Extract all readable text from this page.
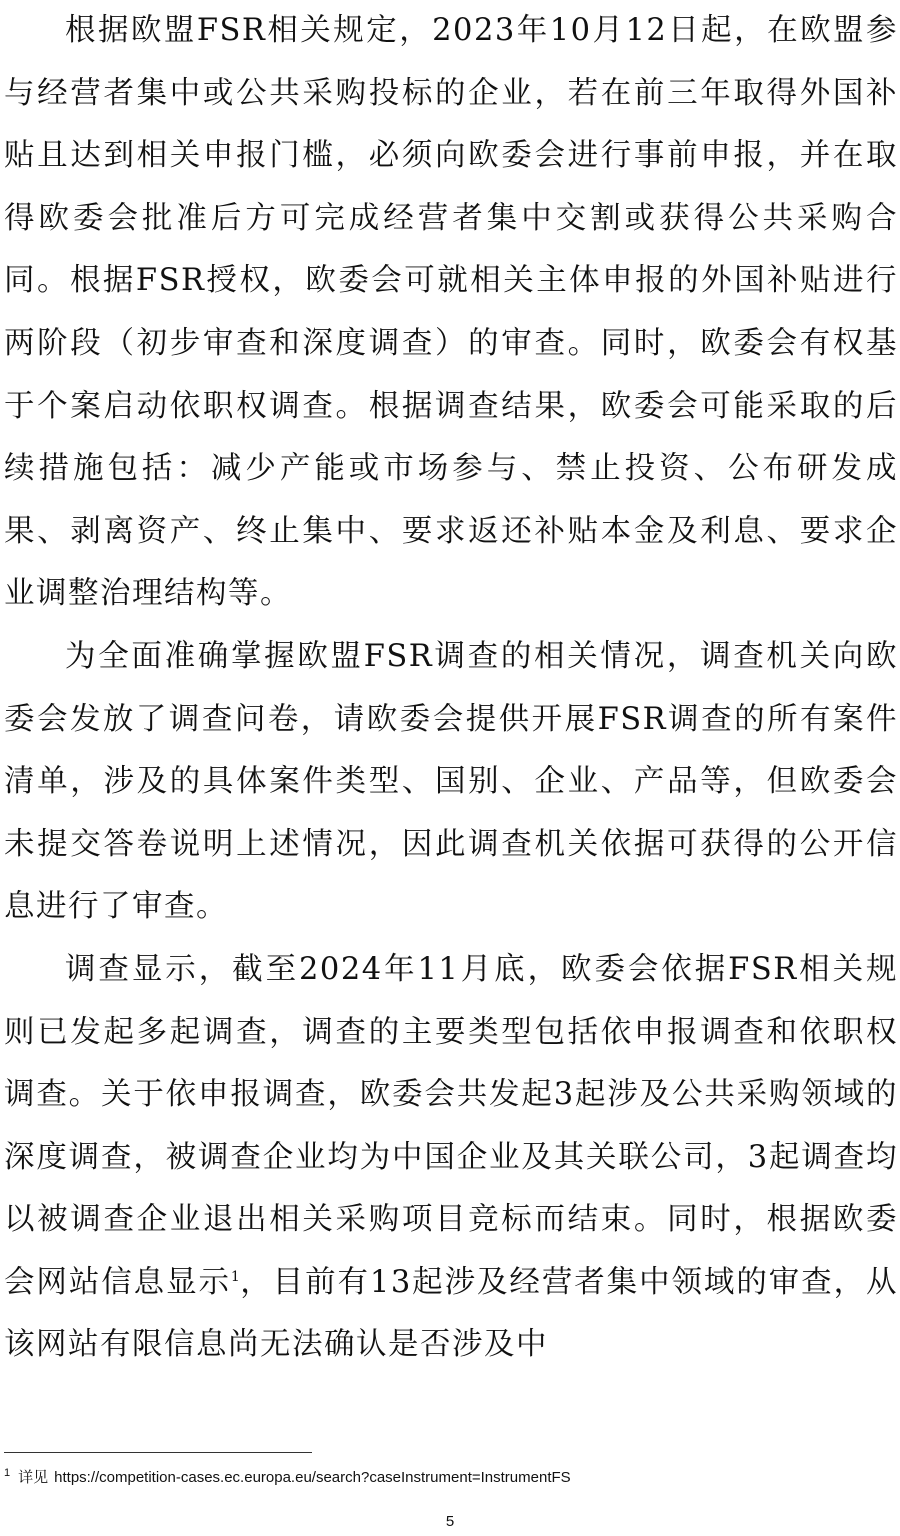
根据欧盟FSR相关规定，2023年10月12日起，在欧盟参与经营者集中或公共采购投标的企业，若在前三年取得外国补贴且达到相关申报门槛，必须向欧委会进行事前申报，并在取得欧委会批准后方可完成经营者集中交割或获得公共采购合同。根据FSR授权，欧委会可就相关主体申报的外国补贴进行两阶段（初步审查和深度调查）的审查。同时，欧委会有权基于个案启动依职权调查。根据调查结果，欧委会可能采取的后续措施包括：减少产能或市场参与、禁止投资、公布研发成果、剥离资产、终止集中、要求返还补贴本金及利息、要求企业调整治理结构等。

为全面准确掌握欧盟FSR调查的相关情况，调查机关向欧委会发放了调查问卷，请欧委会提供开展FSR调查的所有案件清单，涉及的具体案件类型、国别、企业、产品等，但欧委会未提交答卷说明上述情况，因此调查机关依据可获得的公开信息进行了审查。

调查显示，截至2024年11月底，欧委会依据FSR相关规则已发起多起调查，调查的主要类型包括依申报调查和依职权调查。关于依申报调查，欧委会共发起3起涉及公共采购领域的深度调查，被调查企业均为中国企业及其关联公司，3起调查均以被调查企业退出相关采购项目竞标而结束。同时，根据欧委会网站信息显示$^1$，目前有13起涉及经营者集中领域的审查，从该网站有限信息尚无法确认是否涉及中

$^1$ 详见 https://competition-cases.ec.europa.eu/search?caseInstrument=InstrumentFS
5
